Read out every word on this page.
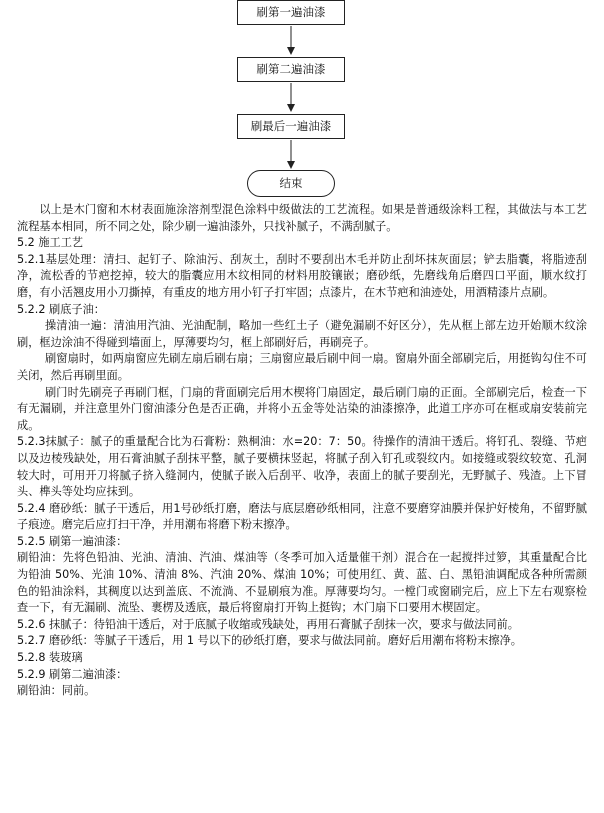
刷第一遍油漆
刷第二遍油漆
刷最后一遍油漆
结束

以上是木门窗和木材表面施涂溶剂型混色涂料中级做法的工艺流程。如果是普通级涂料工程，其做法与本工艺流程基本相同，所不同之处，除少刷一遍油漆外，只找补腻子，不满刮腻子。

5.2 施工工艺

5.2.1基层处理：清扫、起钉子、除油污、刮灰土，刮时不要刮出木毛并防止刮坏抹灰面层；铲去脂囊，将脂迹刮净，流松香的节疤挖掉，较大的脂囊应用木纹相同的材料用胶镶嵌；磨砂纸，先磨线角后磨四口平面，顺水纹打磨，有小活翘皮用小刀撕掉，有重皮的地方用小钉子打牢固；点漆片，在木节疤和油迹处，用酒精漆片点刷。

5.2.2 刷底子油：

操清油一遍：清油用汽油、光油配制，略加一些红土子（避免漏刷不好区分），先从框上部左边开始顺木纹涂刷，框边涂油不得碰到墙面上，厚薄要均匀，框上部刷好后，再刷亮子。

刷窗扇时，如两扇窗应先刷左扇后刷右扇；三扇窗应最后刷中间一扇。窗扇外面全部刷完后，用挺钩勾住不可关闭，然后再刷里面。

刷门时先刷亮子再刷门框，门扇的背面刷完后用木楔将门扇固定，最后刷门扇的正面。全部刷完后，检查一下有无漏刷，并注意里外门窗油漆分色是否正确，并将小五金等处沾染的油漆擦净，此道工序亦可在框或扇安装前完成。

5.2.3抹腻子：腻子的重量配合比为石膏粉：熟桐油：水=20：7：50。待操作的清油干透后。将钉孔、裂缝、节疤以及边棱残缺处，用石膏油腻子刮抹平整，腻子要横抹竖起，将腻子刮入钉孔或裂纹内。如接缝或裂纹较宽、孔洞较大时，可用开刀将腻子挤入缝洞内，使腻子嵌入后刮平、收净，表面上的腻子要刮光，无野腻子、残渣。上下冒头、榫头等处均应抹到。

5.2.4 磨砂纸：腻子干透后，用1号砂纸打磨，磨法与底层磨砂纸相同，注意不要磨穿油膜并保护好棱角，不留野腻子痕迹。磨完后应打扫干净，并用潮布将磨下粉末擦净。

5.2.5 刷第一遍油漆：

刷铅油：先将色铅油、光油、清油、汽油、煤油等（冬季可加入适量催干剂）混合在一起搅拌过箩，其重量配合比为铅油 50%、光油 10%、清油 8%、汽油 20%、煤油 10%；可使用红、黄、蓝、白、黑铅油调配成各种所需颜色的铅油涂料，其稠度以达到盖底、不流淌、不显刷痕为准。厚薄要均匀。一樘门或窗刷完后，应上下左右观察检查一下，有无漏刷、流坠、裹楞及透底，最后将窗扇打开钩上挺钩；木门扇下口要用木楔固定。

5.2.6 抹腻子：待铅油干透后，对于底腻子收缩或残缺处，再用石膏腻子刮抹一次，要求与做法同前。

5.2.7 磨砂纸：等腻子干透后，用 1 号以下的砂纸打磨，要求与做法同前。磨好后用潮布将粉末擦净。

5.2.8 装玻璃

5.2.9 刷第二遍油漆：

刷铅油：同前。
